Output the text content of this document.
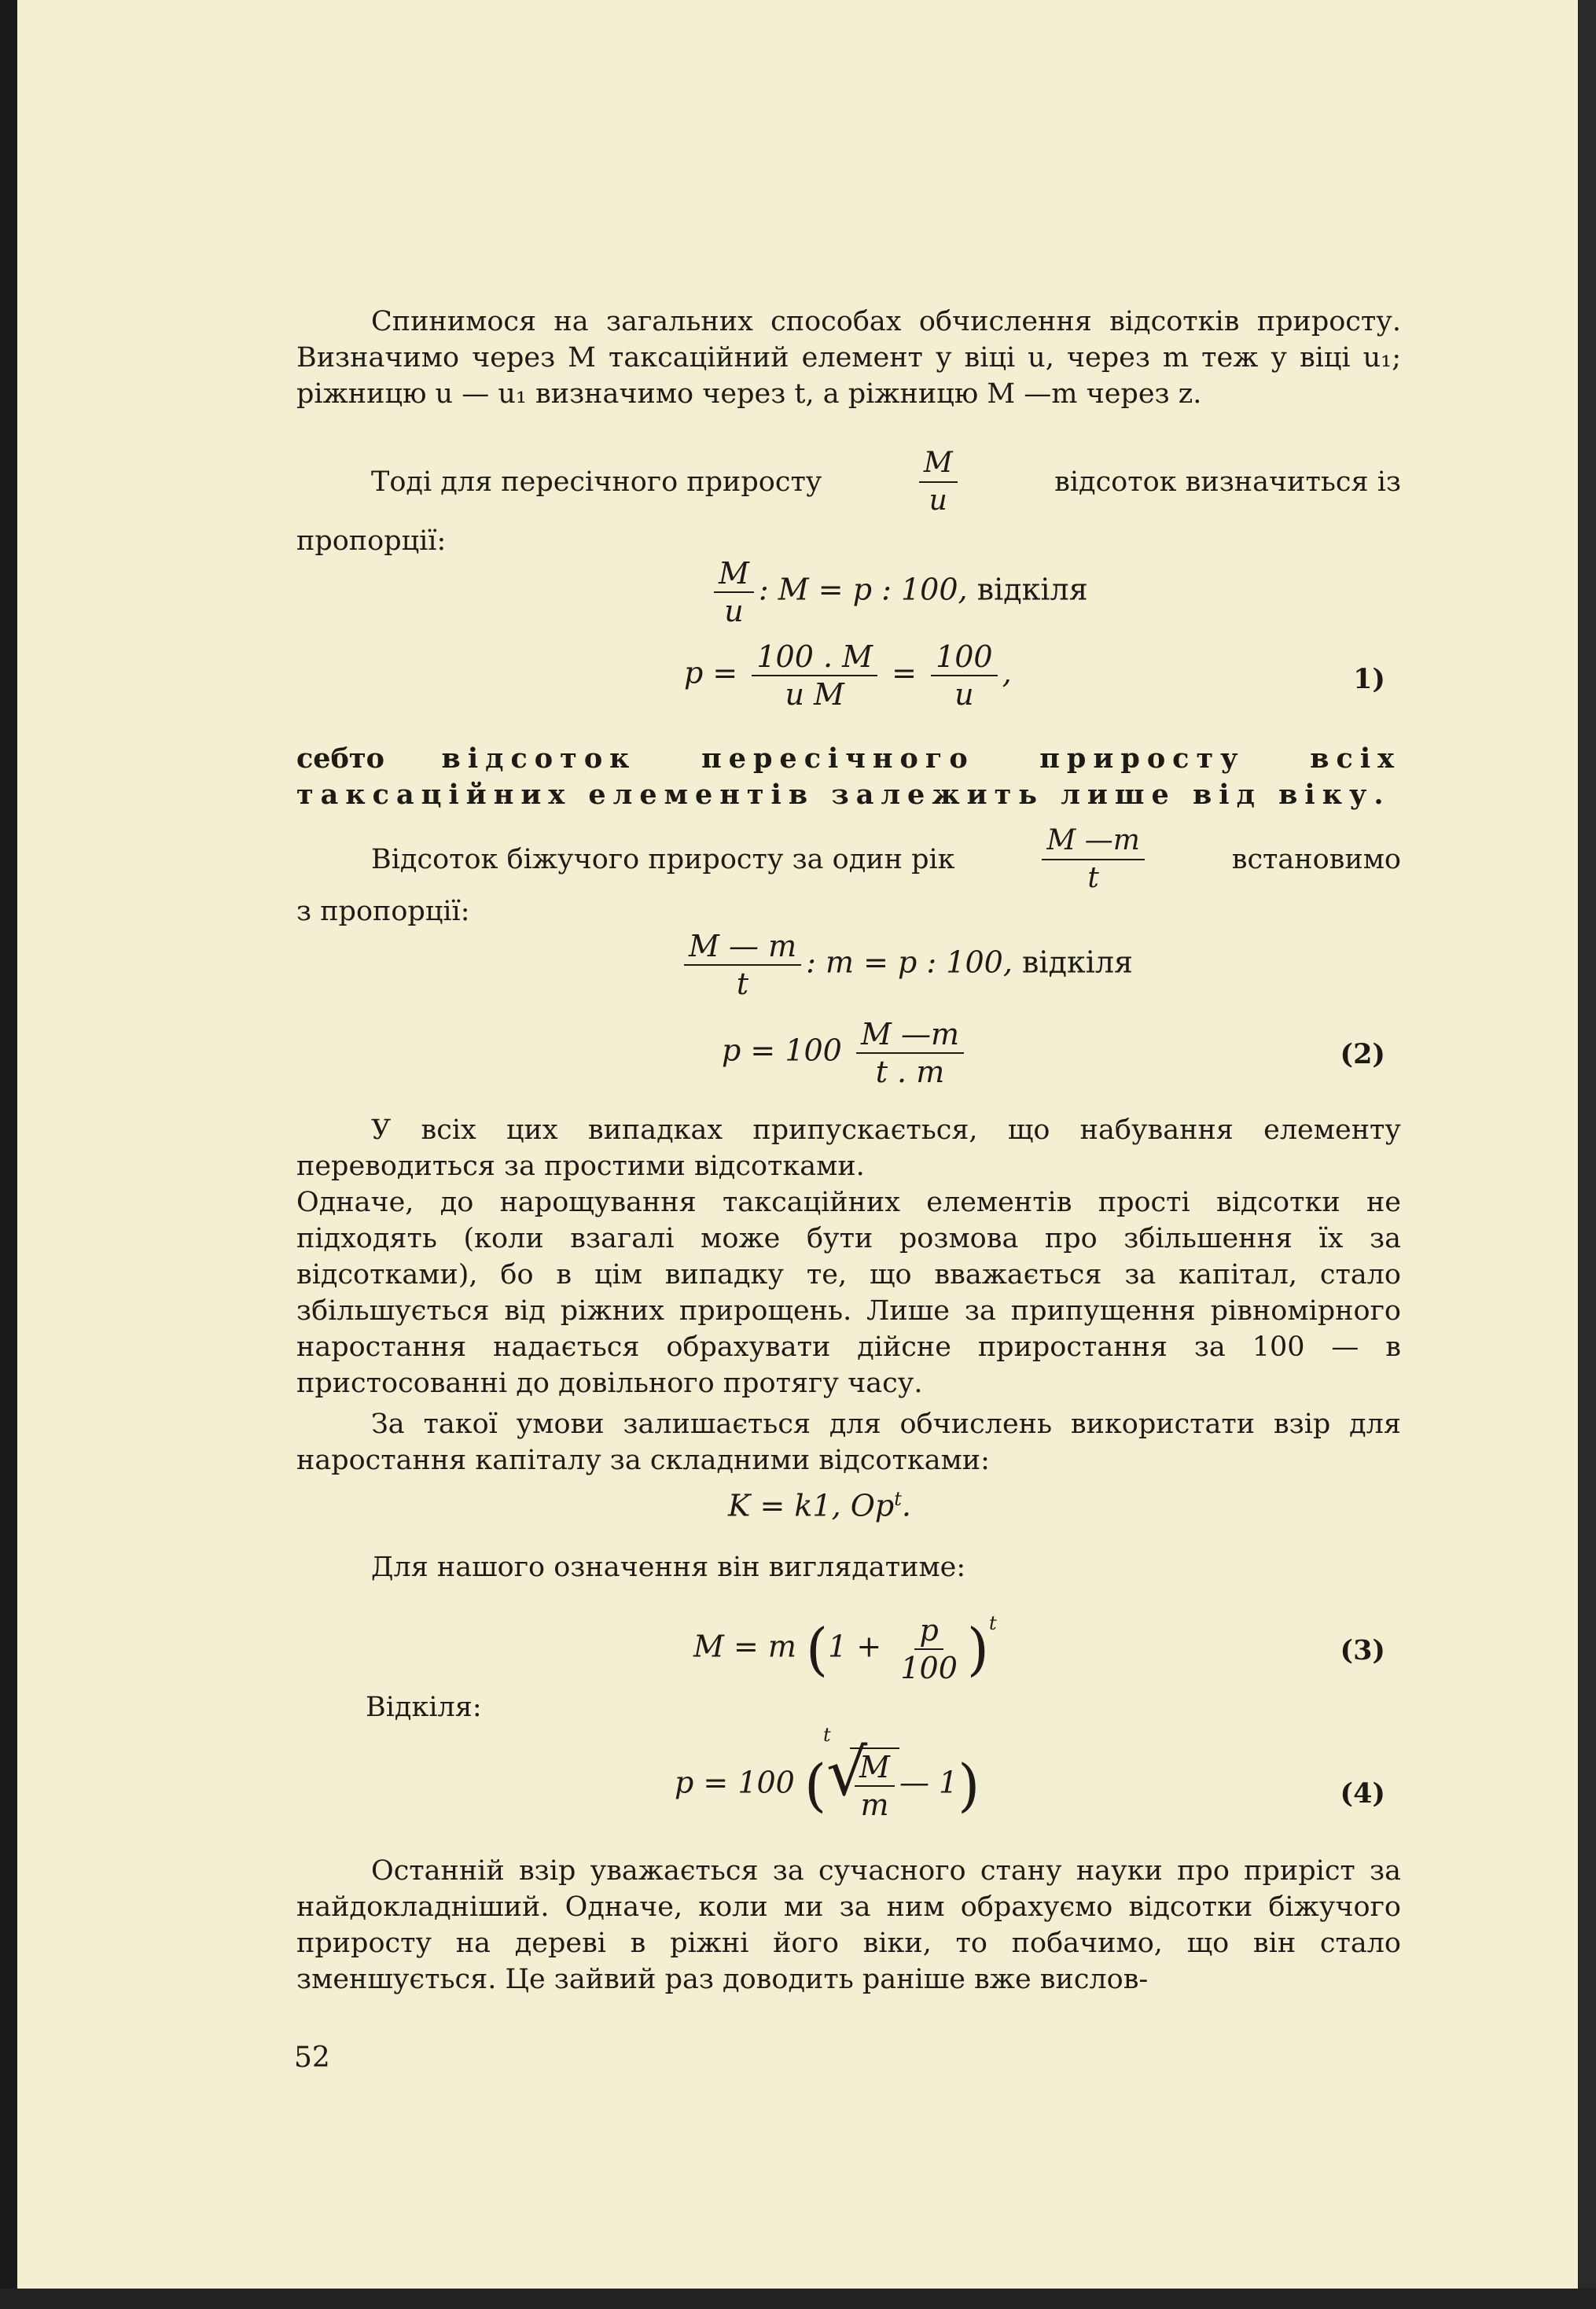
Спинимося на загальних способах обчислення відсотків приросту. Визначимо через M таксаційний елемент у віці u, через m теж у віці u₁; ріжницю u — u₁ визначимо через t, а ріжницю M —m через z.

Тоді для пересічного приросту	$\frac{M}{u}$	відсоток визначиться із
пропорції:
$\frac{M}{u}$ : M = p : 100, відкіля
$p = \frac{100 . M}{\text{u M}} = \frac{100}{u}$ ,	1)

себто відсоток пересічного приросту всіх таксаційних елементів залежить лише від віку.

Відсоток біжучого приросту за один рік	$\frac{M —m}{t}$	встановимо
з пропорції:
$\frac{M — m}{t}$ : m = p : 100, відкіля
$p = 100 \frac{M —m}{t . m}$	(2)

У всіх цих випадках припускається, що набування елементу переводиться за простими відсотками.

Одначе, до нарощування таксаційних елементів прості відсотки не підходять (коли взагалі може бути розмова про збільшення їх за відсотками), бо в цім випадку те, що вважається за капітал, стало збільшується від ріжних прирощень. Лише за припущення рівномірного наростання надається обрахувати дійсне приростання за 100 — в пристосованні до довільного протягу часу.

За такої умови залишається для обчислень використати взір для наростання капіталу за складними відсотками:

K = k1, Op$^t$.
Для нашого означення він виглядатиме:
M = m $(1 + \frac{p}{100} )^t$
(3)
Відкіля:
p = 100 ( √
t
$\frac{M}{m}$ — 1)	(4)

Останній взір уважається за сучасного стану науки про приріст за найдокладніший. Одначе, коли ми за ним обрахуємо відсотки біжучого приросту на дереві в ріжні його віки, то побачимо, що він стало зменшується. Це зайвий раз доводить раніше вже вислов-

52
